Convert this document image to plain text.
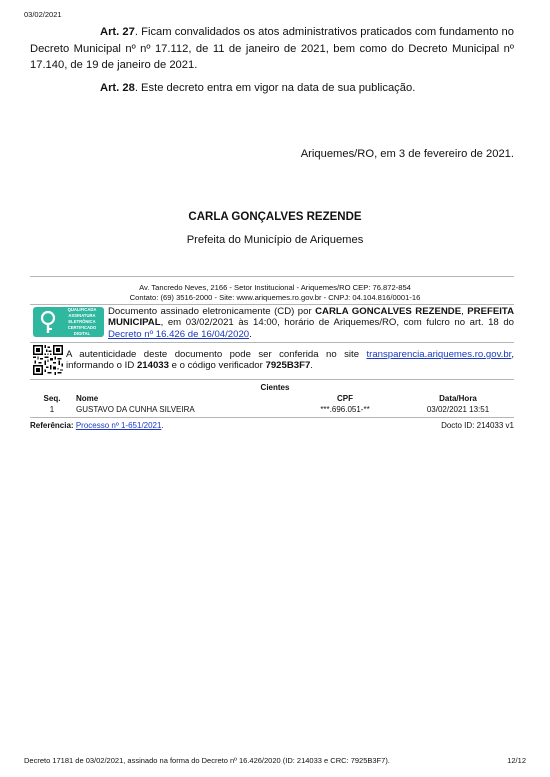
03/02/2021
Art. 27. Ficam convalidados os atos administrativos praticados com fundamento no Decreto Municipal nº nº 17.112, de 11 de janeiro de 2021, bem como do Decreto Municipal nº 17.140, de 19 de janeiro de 2021.
Art. 28. Este decreto entra em vigor na data de sua publicação.
Ariquemes/RO, em 3 de fevereiro de 2021.
CARLA GONÇALVES REZENDE
Prefeita do Município de Ariquemes
Av. Tancredo Neves, 2166 - Setor Institucional - Ariquemes/RO CEP: 76.872-854
Contato: (69) 3516-2000 - Site: www.ariquemes.ro.gov.br - CNPJ: 04.104.816/0001-16
QUALIFICADA
ASSINATURA
ELETRÔNICA
CERTIFICADO DIGITAL
Documento assinado eletronicamente (CD) por CARLA GONCALVES REZENDE, PREFEITA MUNICIPAL, em 03/02/2021 às 14:00, horário de Ariquemes/RO, com fulcro no art. 18 do Decreto nº 16.426 de 16/04/2020.
A autenticidade deste documento pode ser conferida no site transparencia.ariquemes.ro.gov.br, informando o ID 214033 e o código verificador 7925B3F7.
Cientes
Seq.	Nome	CPF	Data/Hora
1	GUSTAVO DA CUNHA SILVEIRA	***.696.051-**	03/02/2021 13:51
Referência: Processo nº 1-651/2021.	Docto ID: 214033 v1
Decreto 17181 de 03/02/2021, assinado na forma do Decreto nº 16.426/2020 (ID: 214033 e CRC: 7925B3F7).	12/12
